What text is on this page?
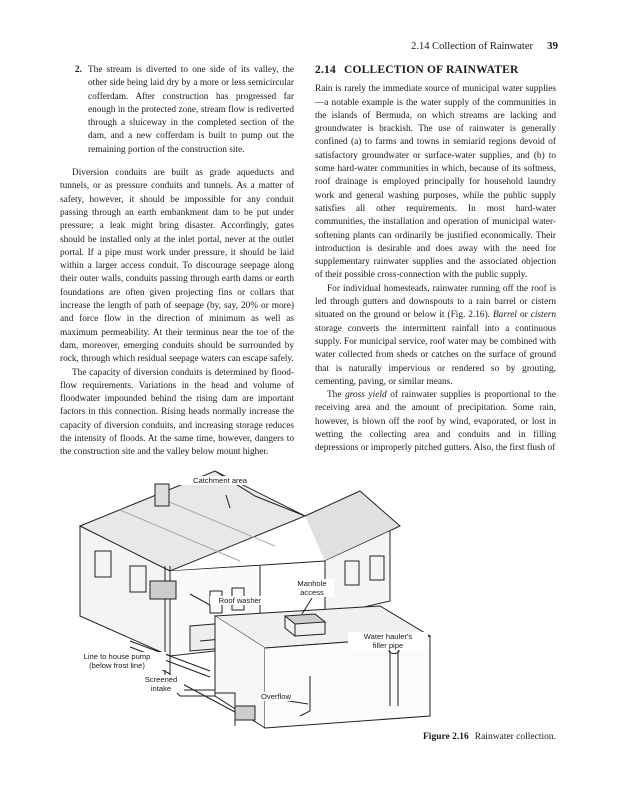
2.14 Collection of Rainwater 39
2. The stream is diverted to one side of its valley, the other side being laid dry by a more or less semicircular cofferdam. After construction has progressed far enough in the protected zone, stream flow is rediverted through a sluiceway in the completed section of the dam, and a new cofferdam is built to pump out the remaining portion of the construction site.

Diversion conduits are built as grade aqueducts and tunnels, or as pressure conduits and tunnels. As a matter of safety, however, it should be impossible for any conduit passing through an earth embankment dam to be put under pressure; a leak might bring disaster. Accordingly, gates should be installed only at the inlet portal, never at the outlet portal. If a pipe must work under pressure, it should be laid within a larger access conduit. To discourage seepage along their outer walls, conduits passing through earth dams or earth foundations are often given projecting fins or collars that increase the length of path of seepage (by, say, 20% or more) and force flow in the direction of minimum as well as maximum permeability. At their terminus near the toe of the dam, moreover, emerging conduits should be surrounded by rock, through which residual seepage waters can escape safely.

The capacity of diversion conduits is determined by flood-flow requirements. Variations in the head and volume of floodwater impounded behind the rising dam are important factors in this connection. Rising heads normally increase the capacity of diversion conduits, and increasing storage reduces the intensity of floods. At the same time, however, dangers to the construction site and the valley below mount higher.

2.14 COLLECTION OF RAINWATER

Rain is rarely the immediate source of municipal water supplies—a notable example is the water supply of the communities in the islands of Bermuda, on which streams are lacking and groundwater is brackish. The use of rainwater is generally confined (a) to farms and towns in semiarid regions devoid of satisfactory groundwater or surface-water supplies, and (b) to some hard-water communities in which, because of its softness, roof drainage is employed principally for household laundry work and general washing purposes, while the public supply satisfies all other requirements. In most hard-water communities, the installation and operation of municipal water-softening plants can ordinarily be justified economically. Their introduction is desirable and does away with the need for supplementary rainwater supplies and the associated objection of their possible cross-connection with the public supply.

For individual homesteads, rainwater running off the roof is led through gutters and downspouts to a rain barrel or cistern situated on the ground or below it (Fig. 2.16). Barrel or cistern storage converts the intermittent rainfall into a continuous supply. For municipal service, roof water may be combined with water collected from sheds or catches on the surface of ground that is naturally impervious or rendered so by grouting, cementing, paving, or similar means.

The gross yield of rainwater supplies is proportional to the receiving area and the amount of precipitation. Some rain, however, is blown off the roof by wind, evaporated, or lost in wetting the collecting area and conduits and in filling depressions or improperly pitched gutters. Also, the first flush of

Catchment area
Roof washer
Manhole
access
Water hauler's
filler pipe
Line to house pump
(below frost line)
Screened
intake
Overflow
Figure 2.16 Rainwater collection.
